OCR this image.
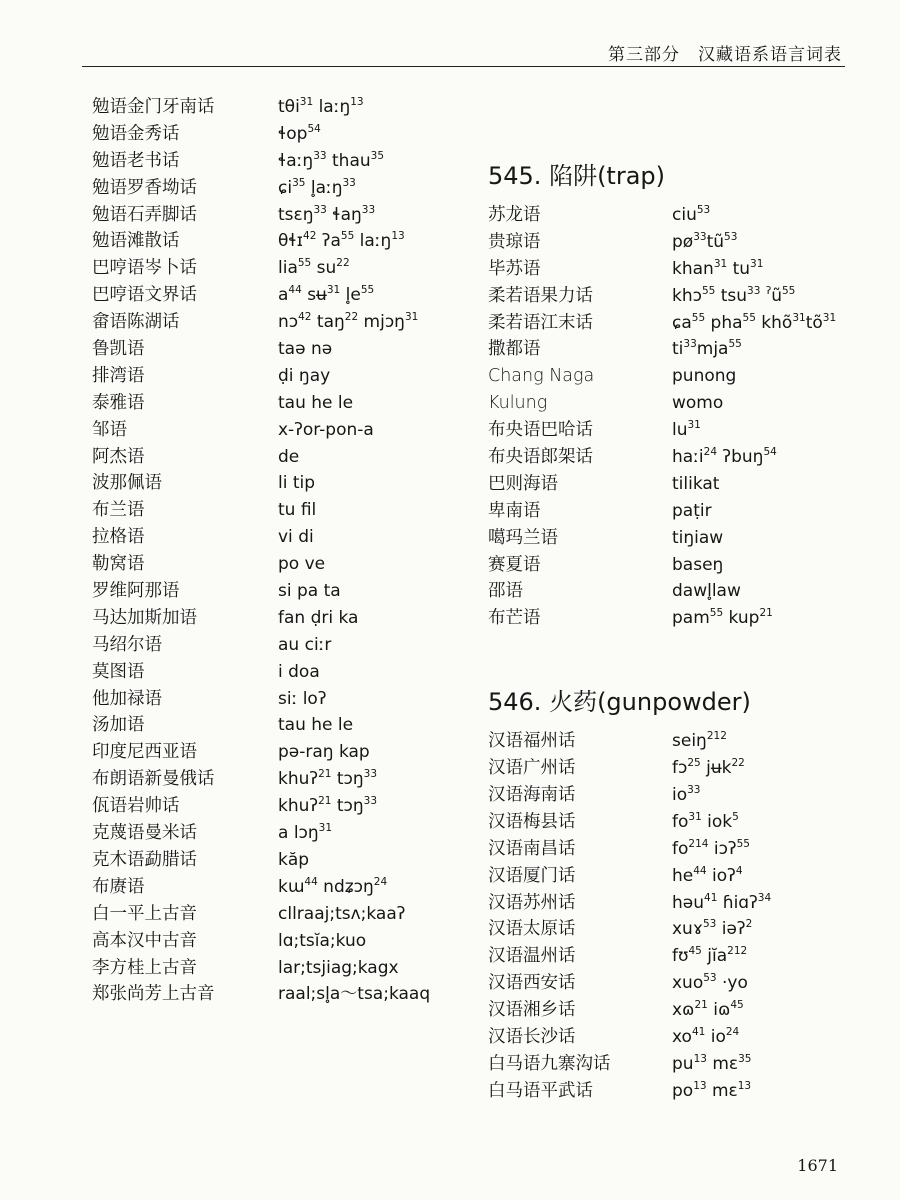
第三部分　汉藏语系语言词表
勉语金门牙南话	tθi$^{31}$ laːŋ$^{13}$
勉语金秀话	ɬop$^{54}$
勉语老书话	ɬaːŋ$^{33}$ thau$^{35}$
勉语罗香坳话	ɕi$^{35}$ l̥aːŋ$^{33}$
勉语石弄脚话	tsɛŋ$^{33}$ ɬaŋ$^{33}$
勉语滩散话	θɬɪ$^{42}$ ʔa$^{55}$ laːŋ$^{13}$
巴哼语岑卜话	lia$^{55}$ $su^{22}$
巴哼语文界话	$a^{44}$ sʉ$^{31}$ $l̥e^{55}$
畲语陈湖话	nɔ$^{42}$ taŋ$^{22}$ mjɔŋ$^{31}$
鲁凯语	taə nə
排湾语	ḍi ŋay
泰雅语	tau he le
邹语	x-ʔor-pon-a
阿杰语	de
波那佩语	li tip
布兰语	tu fil
拉格语	vi di
勒窝语	po ve
罗维阿那语	si pa ta
马达加斯加语	fan ḍri ka
马绍尔语	au ciːr
莫图语	i doa
他加禄语	siː loʔ
汤加语	tau he le
印度尼西亚语	pə-raŋ kap
布朗语新曼俄话	khuʔ$^{21}$ tɔŋ$^{33}$
佤语岩帅话	khuʔ$^{21}$ tɔŋ$^{33}$
克蔑语曼米话	a lɔŋ$^{31}$
克木语勐腊话	kăp
布赓语	kɯ$^{44}$ ndʑɔŋ$^{24}$
白一平上古音	cllraaj;tsʌ;kaaʔ
高本汉中古音	lɑ;tsĭa;kuo
李方桂上古音	lar;tsjiag;kagx
郑张尚芳上古音	raal;sl̥a～tsa;kaaq
545. 陷阱(trap)
苏龙语	ciu$^{53}$
贵琼语	$pø^{33}tũ^{53}$
毕苏语	khan$^{31}$ $tu^{31}$
柔若语果力话	khɔ$^{55}$ tsu$^{33}$ $^ʔũ^{55}$
柔若语江末话	ɕa$^{55}$ pha$^{55}$ $khõ^{31}tõ^{31}$
撒都语	$ti^{33}mja^{55}$
Chang Naga	punong
Kulung	womo
布央语巴哈话	$lu^{31}$
布央语郎架话	haːi$^{24}$ ʔbuŋ$^{54}$
巴则海语	tilikat
卑南语	paṭir
噶玛兰语	tiŋiaw
赛夏语	baseŋ
邵语	dawl̥law
布芒语	pam$^{55}$ kup$^{21}$
546. 火药(gunpowder)
汉语福州话	seiŋ$^{212}$
汉语广州话	fɔ$^{25}$ jʉk$^{22}$
汉语海南话	$io^{33}$
汉语梅县话	$fo^{31}$ iok$^5$
汉语南昌话	$fo^{214}$ iɔʔ$^{55}$
汉语厦门话	$he^{44}$ ioʔ$^4$
汉语苏州话	həu$^{41}$ ɦiɑʔ$^{34}$
汉语太原话	xuɤ$^{53}$ iəʔ$^2$
汉语温州话	fʊ$^{45}$ jĭa$^{212}$
汉语西安话	xuo$^{53}$ ·yo
汉语湘乡话	xɷ$^{21}$ iɷ$^{45}$
汉语长沙话	$xo^{41}$ $io^{24}$
白马语九寨沟话	$pu^{13}$ mɛ$^{35}$
白马语平武话	$po^{13}$ mɛ$^{13}$
1671
